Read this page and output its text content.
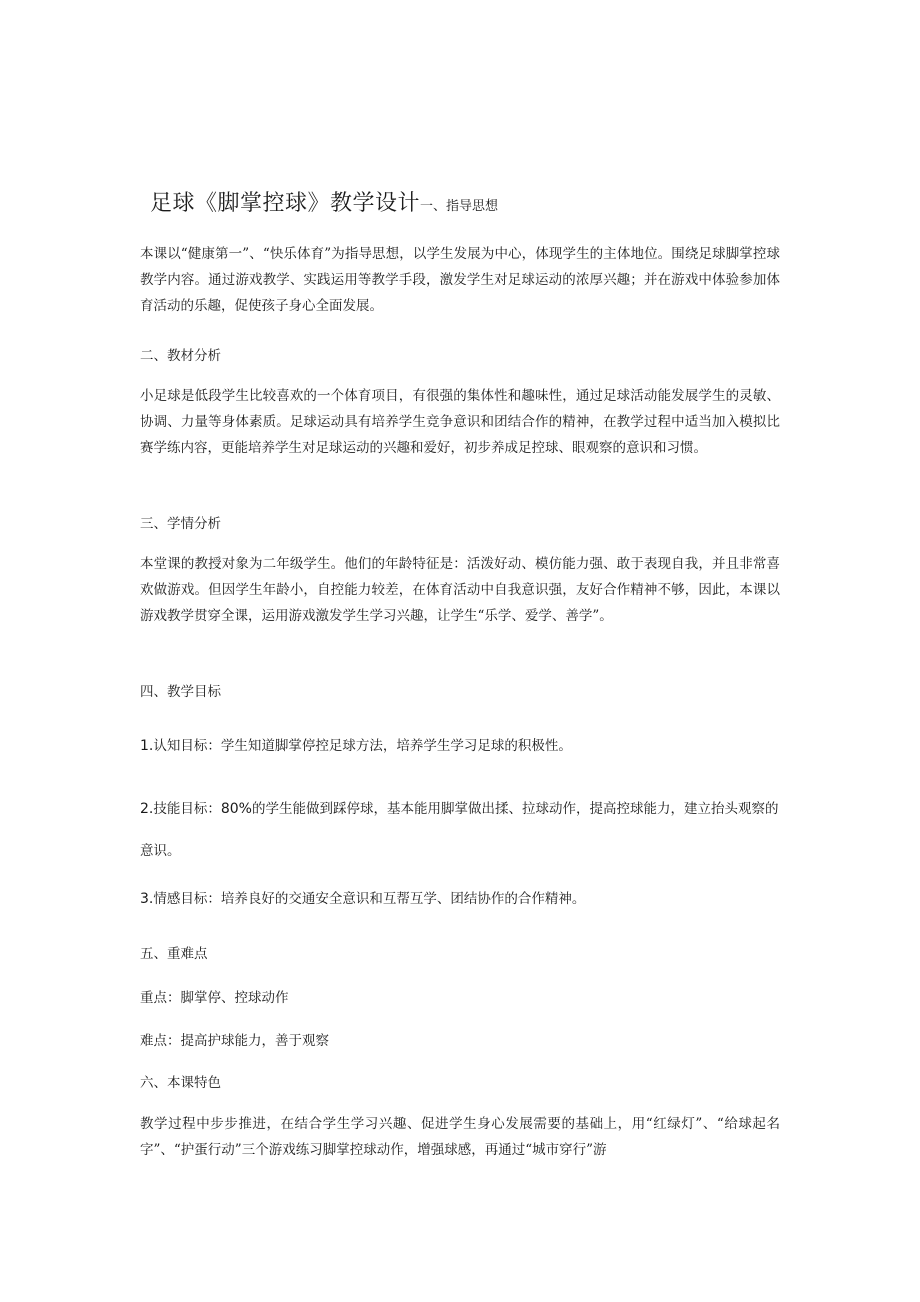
足球《脚掌控球》教学设计一、指导思想
本课以“健康第一”、“快乐体育”为指导思想，以学生发展为中心，体现学生的主体地位。围绕足球脚掌控球教学内容。通过游戏教学、实践运用等教学手段，激发学生对足球运动的浓厚兴趣；并在游戏中体验参加体育活动的乐趣，促使孩子身心全面发展。
二、教材分析
小足球是低段学生比较喜欢的一个体育项目，有很强的集体性和趣味性，通过足球活动能发展学生的灵敏、协调、力量等身体素质。足球运动具有培养学生竞争意识和团结合作的精神，在教学过程中适当加入模拟比赛学练内容，更能培养学生对足球运动的兴趣和爱好，初步养成足控球、眼观察的意识和习惯。
三、学情分析
本堂课的教授对象为二年级学生。他们的年龄特征是：活泼好动、模仿能力强、敢于表现自我，并且非常喜欢做游戏。但因学生年龄小，自控能力较差，在体育活动中自我意识强，友好合作精神不够，因此，本课以游戏教学贯穿全课，运用游戏激发学生学习兴趣，让学生“乐学、爱学、善学”。
四、教学目标
1.认知目标：学生知道脚掌停控足球方法，培养学生学习足球的积极性。
2.技能目标：80%的学生能做到踩停球，基本能用脚掌做出揉、拉球动作，提高控球能力，建立抬头观察的意识。
3.情感目标：培养良好的交通安全意识和互帮互学、团结协作的合作精神。
五、重难点
重点：脚掌停、控球动作
难点：提高护球能力，善于观察
六、本课特色
教学过程中步步推进，在结合学生学习兴趣、促进学生身心发展需要的基础上，用“红绿灯”、“给球起名字”、“护蛋行动”三个游戏练习脚掌控球动作，增强球感，再通过“城市穿行”游
